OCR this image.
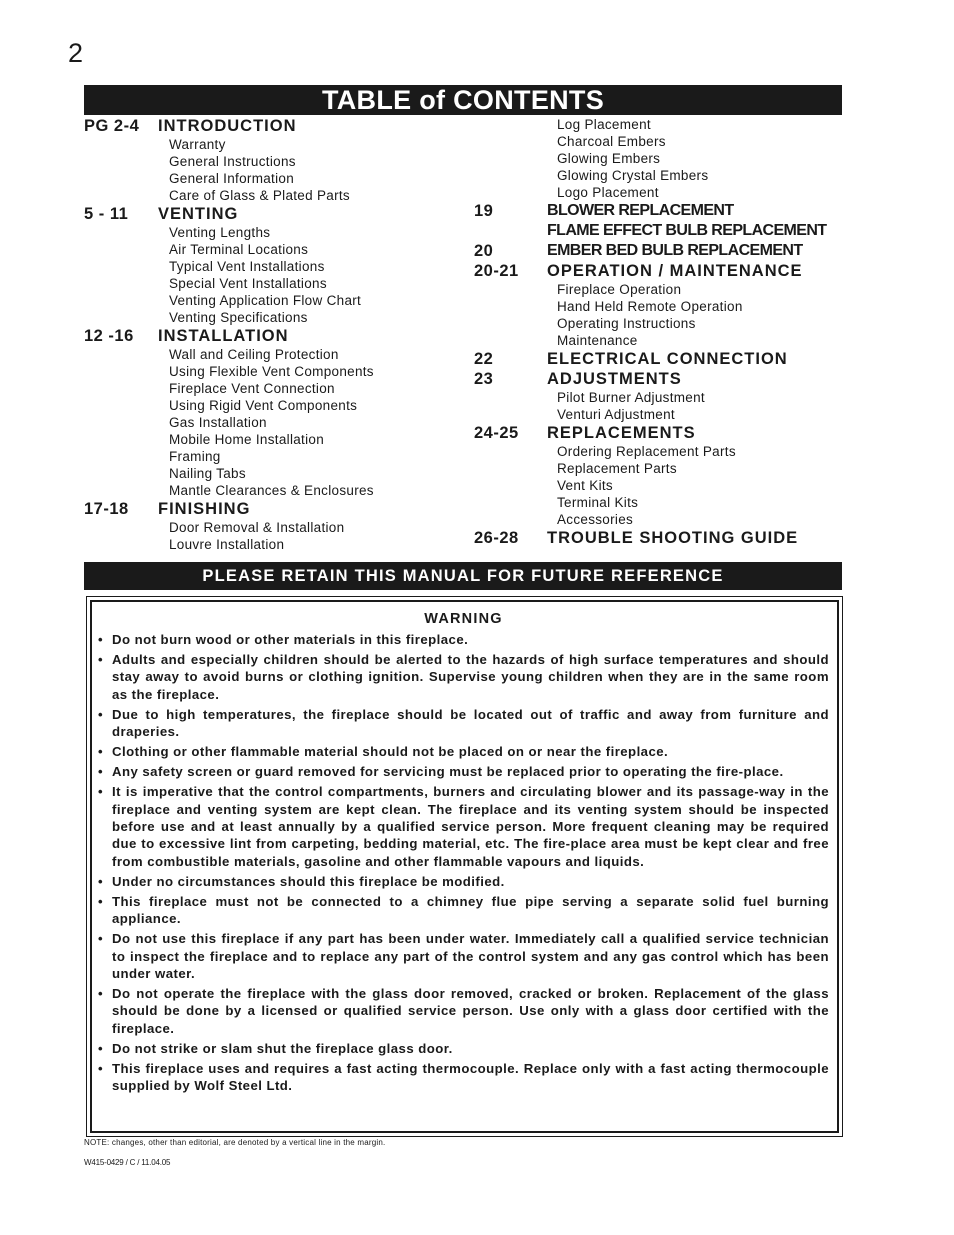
2
TABLE of CONTENTS
PG 2-4	INTRODUCTION
Warranty
General Instructions
General Information
Care of Glass & Plated Parts
5 - 11	VENTING
Venting Lengths
Air Terminal Locations
Typical Vent Installations
Special Vent Installations
Venting Application Flow Chart
Venting Specifications
12 -16	INSTALLATION
Wall and Ceiling Protection
Using Flexible Vent Components
Fireplace Vent Connection
Using Rigid Vent Components
Gas Installation
Mobile Home Installation
Framing
Nailing Tabs
Mantle Clearances & Enclosures
17-18	FINISHING
Door Removal & Installation
Louvre Installation
Log Placement
Charcoal Embers
Glowing Embers
Glowing Crystal Embers
Logo Placement
19	BLOWER REPLACEMENT
FLAME EFFECT BULB REPLACEMENT
20	EMBER BED BULB REPLACEMENT
20-21	OPERATION / MAINTENANCE
Fireplace Operation
Hand Held Remote Operation
Operating Instructions
Maintenance
22	ELECTRICAL CONNECTION
23	ADJUSTMENTS
Pilot Burner Adjustment
Venturi Adjustment
24-25	REPLACEMENTS
Ordering Replacement Parts
Replacement Parts
Vent Kits
Terminal Kits
Accessories
26-28	TROUBLE SHOOTING GUIDE
PLEASE RETAIN THIS MANUAL FOR FUTURE REFERENCE
WARNING
• Do not burn wood or other materials in this fireplace.
• Adults and especially children should be alerted to the hazards of high surface temperatures and should stay away to avoid burns or clothing ignition. Supervise young children when they are in the same room as the fireplace.
• Due to high temperatures, the fireplace should be located out of traffic and away from furniture and draperies.
• Clothing or other flammable material should not be placed on or near the fireplace.
• Any safety screen or guard removed for servicing must be replaced prior to operating the fire-place.
• It is imperative that the control compartments, burners and circulating blower and its passage-way in the fireplace and venting system are kept clean. The fireplace and its venting system should be inspected before use and at least annually by a qualified service person. More frequent cleaning may be required due to excessive lint from carpeting, bedding material, etc. The fire-place area must be kept clear and free from combustible materials, gasoline and other flammable vapours and liquids.
• Under no circumstances should this fireplace be modified.
• This fireplace must not be connected to a chimney flue pipe serving a separate solid fuel burning appliance.
• Do not use this fireplace if any part has been under water. Immediately call a qualified service technician to inspect the fireplace and to replace any part of the control system and any gas control which has been under water.
• Do not operate the fireplace with the glass door removed, cracked or broken. Replacement of the glass should be done by a licensed or qualified service person. Use only with a glass door certified with the fireplace.
• Do not strike or slam shut the fireplace glass door.
• This fireplace uses and requires a fast acting thermocouple. Replace only with a fast acting thermocouple supplied by Wolf Steel Ltd.
NOTE: changes, other than editorial, are denoted by a vertical line in the margin.
W415-0429 / C / 11.04.05
